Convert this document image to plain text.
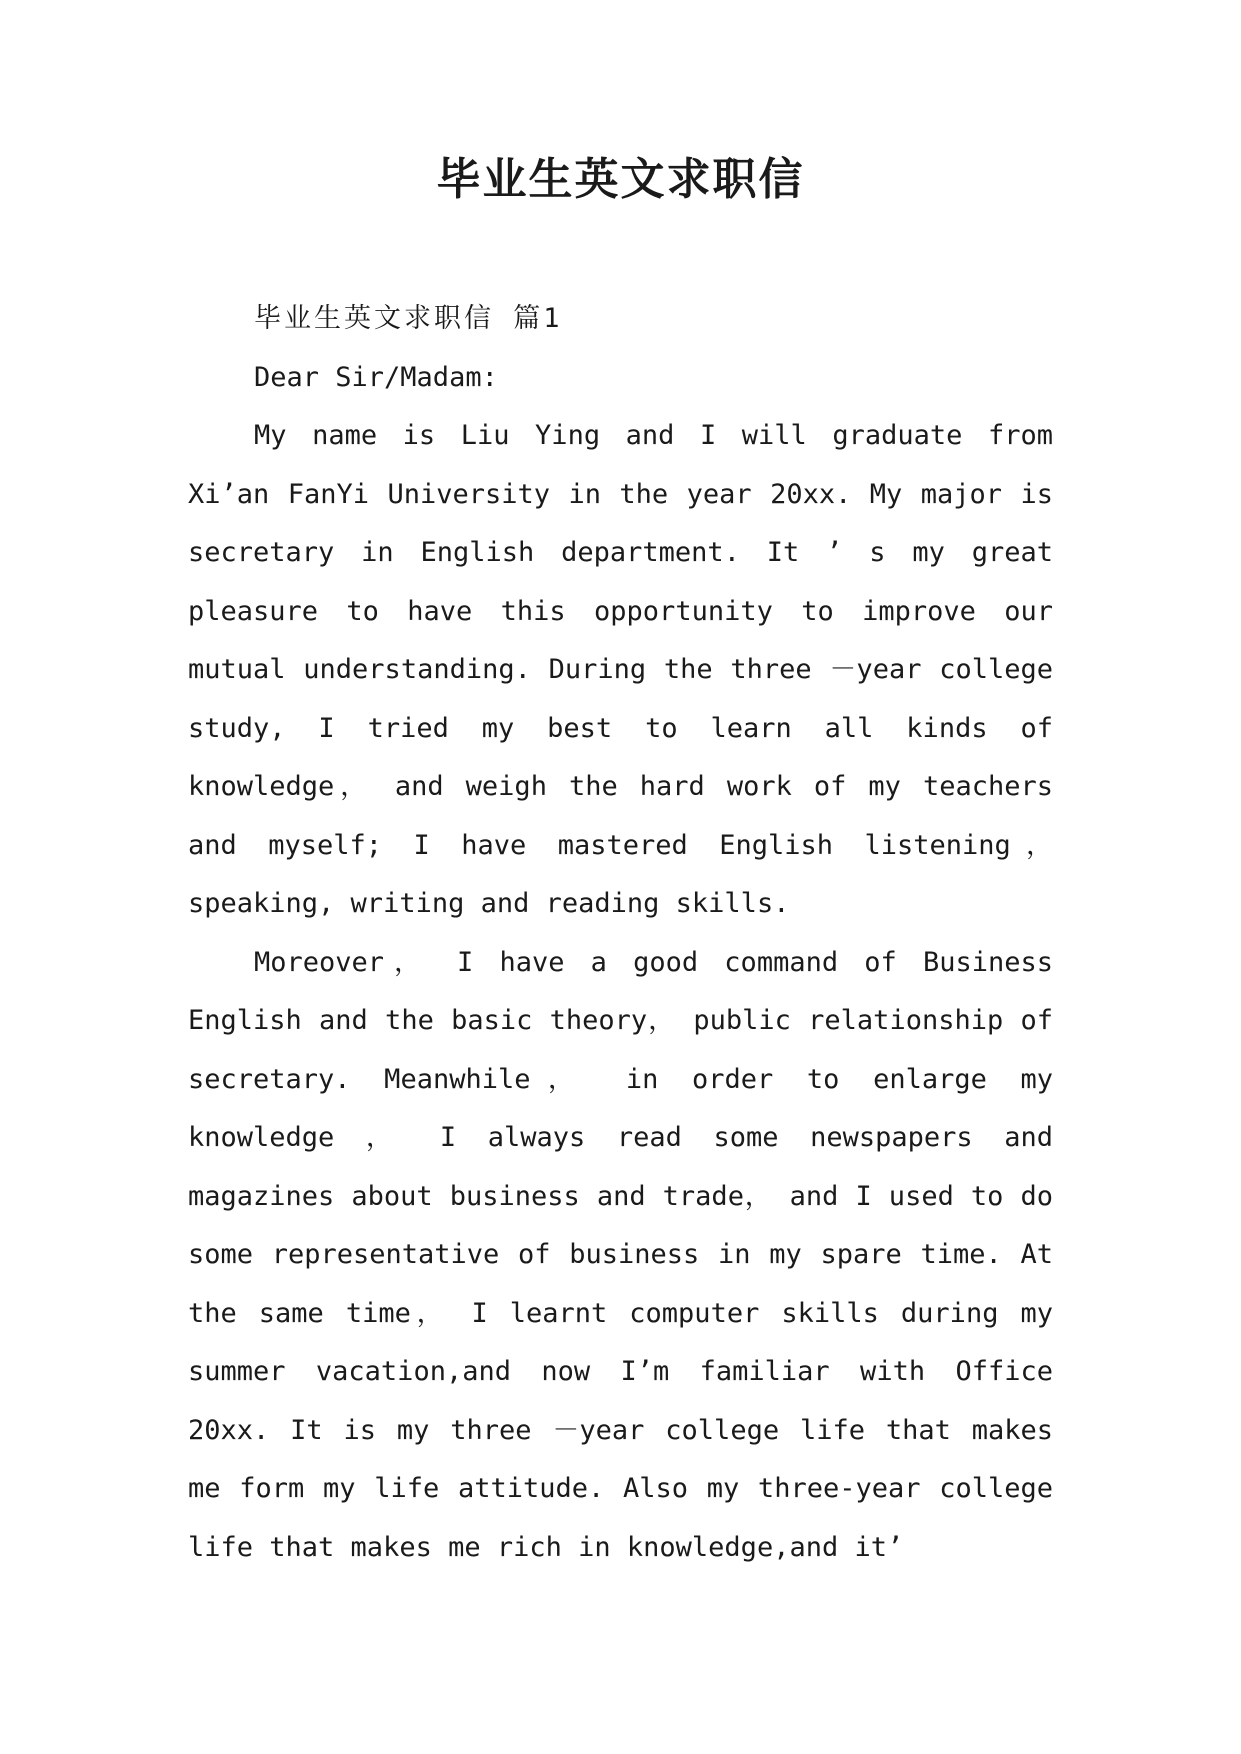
毕业生英文求职信

毕业生英文求职信 篇1

Dear Sir/Madam:

My name is Liu Ying and I will graduate from Xi’an FanYi University in the year 20xx. My major is secretary in English department. It ’ s my great pleasure to have this opportunity to improve our mutual understanding. During the three －year college study, I tried my best to learn all kinds of knowledge， and weigh the hard work of my teachers and myself; I have mastered English listening， speaking, writing and reading skills.

Moreover， I have a good command of Business English and the basic theory， public relationship of secretary. Meanwhile， in order to enlarge my knowledge ， I always read some newspapers and magazines about business and trade， and I used to do some representative of business in my spare time. At the same time， I learnt computer skills during my summer vacation,and now I’m familiar with Office 20xx. It is my three －year college life that makes me form my life attitude. Also my three-year college life that makes me rich in knowledge,and it’
